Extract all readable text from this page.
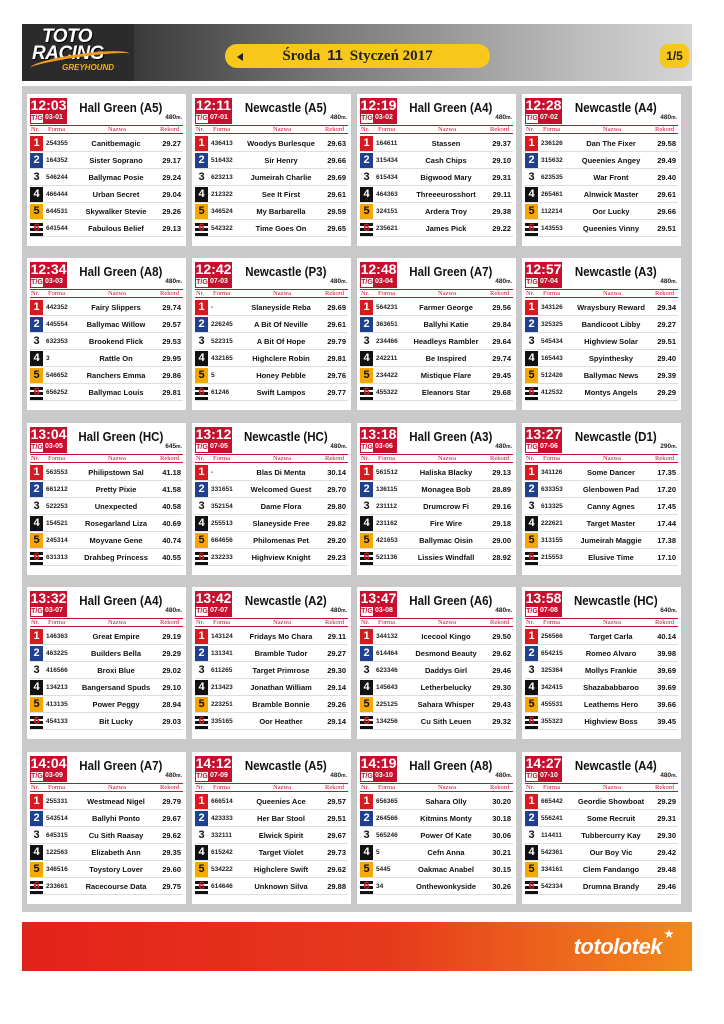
TOTO
RACING
GREYHOUND
Środa 11 Styczeń 2017	1/5
12:03
T/G 03-01
Hall Green (A5)
480m.
Nr. Forma	Nazwa	Rekord
1 254355	Canitbemagic	29.27
2 164352	Sister Soprano	29.17
3 546244	Ballymac Posie	29.24
4 466444	Urban Secret	29.04
5 644531	Skywalker Stevie	29.26
6 641544	Fabulous Belief	29.13
12:11
T/G 07-01
Newcastle (A5)
480m.
Nr. Forma	Nazwa	Rekord
1 436413	Woodys Burlesque	29.63
2 516432	Sir Henry	29.66
3 623213	Jumeirah Charlie	29.69
4 212322	See It First	29.61
5 346524	My Barbarella	29.59
6 542322	Time Goes On	29.65
12:19
T/G 03-02
Hall Green (A4)
480m.
Nr. Forma	Nazwa	Rekord
1 164611	Stassen	29.37
2 315434	Cash Chips	29.10
3 615434	Bigwood Mary	29.31
4 464363	Threeeurosshort	29.11
5 324151	Ardera Troy	29.38
6 235621	James Pick	29.22
12:28
T/G 07-02
Newcastle (A4)
480m.
Nr. Forma	Nazwa	Rekord
1 236126	Dan The Fixer	29.58
2 315632	Queenies Angey	29.49
3 623535	War Front	29.40
4 265461	Alnwick Master	29.61
5 112214	Oor Lucky	29.66
6 143553	Queenies Vinny	29.51
12:34
T/G 03-03
Hall Green (A8)
480m.
Nr. Forma	Nazwa	Rekord
1 442352	Fairy Slippers	29.74
2 445554	Ballymac Willow	29.57
3 632353	Brookend Flick	29.53
4 3	Rattle On	29.95
5 546652	Ranchers Emma	29.86
6 656252	Ballymac Louis	29.81
12:42
T/G 07-03
Newcastle (P3)
480m.
Nr. Forma	Nazwa	Rekord
1 -	Slaneyside Reba	29.69
2 226245	A Bit Of Neville	29.61
3 522315	A Bit Of Hope	29.79
4 432165	Highclere Robin	29.81
5 5	Honey Pebble	29.76
6 61246	Swift Lampos	29.77
12:48
T/G 03-04
Hall Green (A7)
480m.
Nr. Forma	Nazwa	Rekord
1 564231	Farmer George	29.56
2 363651	Ballyhi Katie	29.84
3 234466	Headleys Rambler	29.64
4 242211	Be Inspired	29.74
5 234422	Mistique Flare	29.45
6 455322	Eleanors Star	29.68
12:57
T/G 07-04
Newcastle (A3)
480m.
Nr. Forma	Nazwa	Rekord
1 343126	Wraysbury Reward	29.34
2 325325	Bandicoot Libby	29.27
3 545434	Highview Solar	29.51
4 165443	Spyinthesky	29.40
5 512426	Ballymac News	29.39
6 412532	Montys Angels	29.29
13:04
T/G 03-05
Hall Green (HC)
645m.
Nr. Forma	Nazwa	Rekord
1 563553	Philipstown Sal	41.18
2 661212	Pretty Pixie	41.58
3 522253	Unexpected	40.58
4 154521	Rosegarland Liza	40.69
5 245314	Moyvane Gene	40.74
6 631313	Drahbeg Princess	40.55
13:12
T/G 07-05
Newcastle (HC)
480m.
Nr. Forma	Nazwa	Rekord
1 -	Blas Di Menta	30.14
2 331651	Welcomed Guest	29.70
3 352154	Dame Flora	29.80
4 255513	Slaneyside Free	29.82
5 664656	Philomenas Pet	29.20
6 232233	Highview Knight	29.23
13:18
T/G 03-06
Hall Green (A3)
480m.
Nr. Forma	Nazwa	Rekord
1 561512	Haliska Blacky	29.13
2 136115	Monagea Bob	28.89
3 231112	Drumcrow Fi	29.16
4 231162	Fire Wire	29.18
5 421653	Ballymac Oisin	29.00
6 521136	Lissies Windfall	28.92
13:27
T/G 07-06
Newcastle (D1)
290m.
Nr. Forma	Nazwa	Rekord
1 341126	Some Dancer	17.35
2 633353	Glenbowen Pad	17.20
3 613325	Canny Agnes	17.45
4 222621	Target Master	17.44
5 313155	Jumeirah Maggie	17.38
6 215553	Elusive Time	17.10
13:32
T/G 03-07
Hall Green (A4)
480m.
Nr. Forma	Nazwa	Rekord
1 146363	Great Empire	29.19
2 463225	Builders Bella	29.29
3 416566	Broxi Blue	29.02
4 134213	Bangersand Spuds	29.10
5 413135	Power Peggy	28.94
6 454133	Bit Lucky	29.03
13:42
T/G 07-07
Newcastle (A2)
480m.
Nr. Forma	Nazwa	Rekord
1 143124	Fridays Mo Chara	29.11
2 131341	Bramble Tudor	29.27
3 611265	Target Primrose	29.30
4 213423	Jonathan William	29.14
5 223251	Bramble Bonnie	29.26
6 335165	Oor Heather	29.14
13:47
T/G 03-08
Hall Green (A6)
480m.
Nr. Forma	Nazwa	Rekord
1 344132	Icecool Kingo	29.50
2 614464	Desmond Beauty	29.62
3 623346	Daddys Girl	29.46
4 145643	Letherbelucky	29.30
5 225125	Sahara Whisper	29.43
6 134256	Cu Sith Leuen	29.32
13:58
T/G 07-08
Newcastle (HC)
640m.
Nr. Forma	Nazwa	Rekord
1 256566	Target Carla	40.14
2 654215	Romeo Alvaro	39.98
3 325364	Mollys Frankie	39.69
4 342415	Shazababbaroo	39.69
5 455531	Leathems Hero	39.66
6 355323	Highview Boss	39.45
14:04
T/G 03-09
Hall Green (A7)
480m.
Nr. Forma	Nazwa	Rekord
1 255331	Westmead Nigel	29.79
2 543514	Ballyhi Ponto	29.67
3 645315	Cu Sith Raasay	29.62
4 122563	Elizabeth Ann	29.35
5 346516	Toystory Lover	29.60
6 233661	Racecourse Data	29.75
14:12
T/G 07-09
Newcastle (A5)
480m.
Nr. Forma	Nazwa	Rekord
1 666514	Queenies Ace	29.57
2 423333	Her Bar Stool	29.51
3 332111	Elwick Spirit	29.67
4 615242	Target Violet	29.73
5 534222	Highclere Swift	29.62
6 614646	Unknown Silva	29.88
14:19
T/G 03-10
Hall Green (A8)
480m.
Nr. Forma	Nazwa	Rekord
1 656365	Sahara Olly	30.20
2 264566	Kitmins Monty	30.18
3 565246	Power Of Kate	30.06
4 5	Cefn Anna	30.21
5 5445	Oakmac Anabel	30.15
6 34	Onthewonkyside	30.26
14:27
T/G 07-10
Newcastle (A4)
480m.
Nr. Forma	Nazwa	Rekord
1 665442	Geordie Showboat	29.29
2 556241	Some Recruit	29.31
3 114411	Tubbercurry Kay	29.30
4 542361	Our Boy Vic	29.42
5 334161	Clem Fandango	29.48
6 542334	Drumna Brandy	29.46
totolotek
